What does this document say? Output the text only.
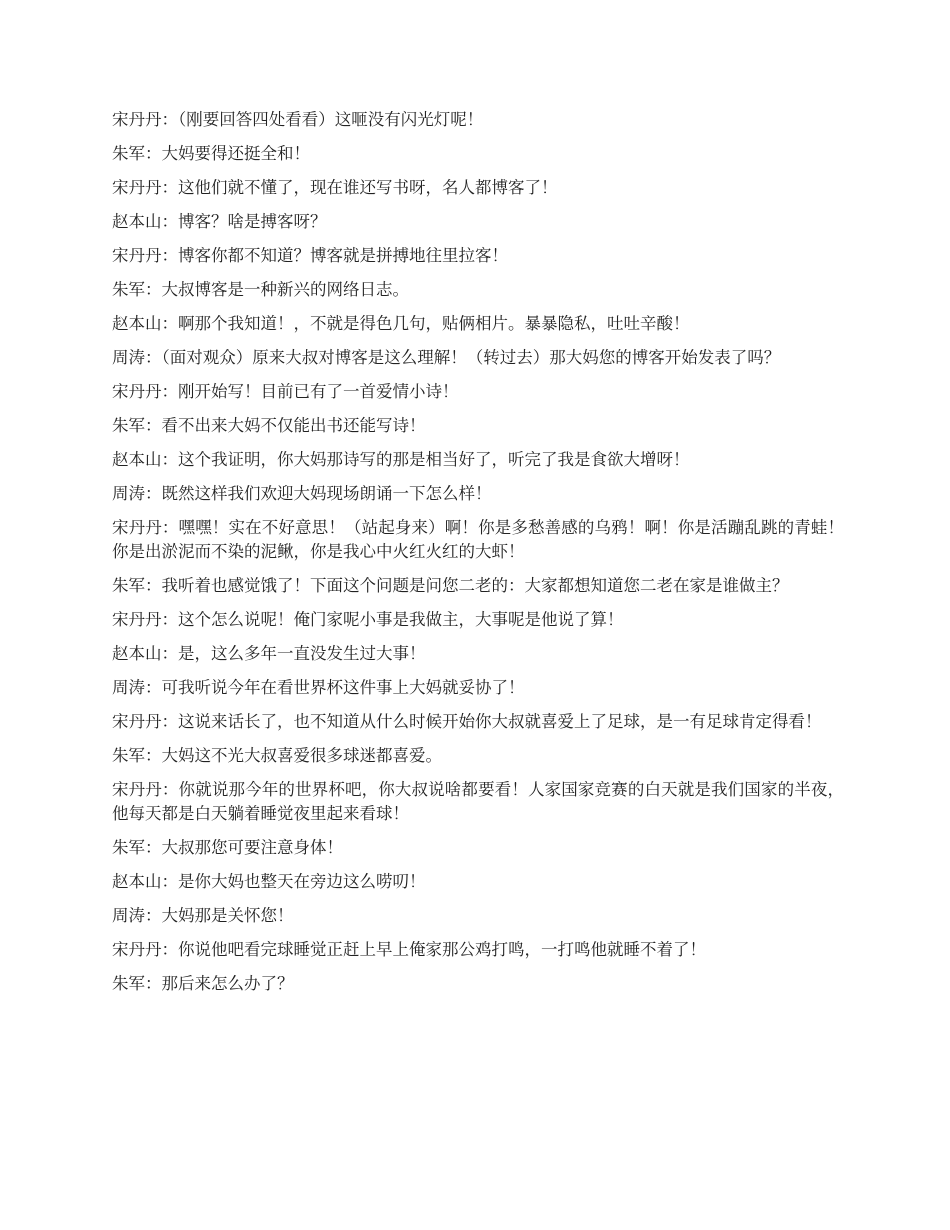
宋丹丹：（刚要回答四处看看）这咂没有闪光灯呢！

朱军：大妈要得还挺全和！

宋丹丹：这他们就不懂了，现在谁还写书呀，名人都博客了！

赵本山：博客？啥是搏客呀？

宋丹丹：博客你都不知道？博客就是拼搏地往里拉客！

朱军：大叔博客是一种新兴的网络日志。

赵本山：啊那个我知道！，不就是得色几句，贴俩相片。暴暴隐私，吐吐辛酸！

周涛：（面对观众）原来大叔对博客是这么理解！（转过去）那大妈您的博客开始发表了吗？

宋丹丹：刚开始写！目前已有了一首爱情小诗！

朱军：看不出来大妈不仅能出书还能写诗！

赵本山：这个我证明，你大妈那诗写的那是相当好了，听完了我是食欲大增呀！

周涛：既然这样我们欢迎大妈现场朗诵一下怎么样！

宋丹丹：嘿嘿！实在不好意思！（站起身来）啊！你是多愁善感的乌鸦！啊！你是活蹦乱跳的青蛙！你是出淤泥而不染的泥鳅，你是我心中火红火红的大虾！

朱军：我听着也感觉饿了！下面这个问题是问您二老的：大家都想知道您二老在家是谁做主？

宋丹丹：这个怎么说呢！俺门家呢小事是我做主，大事呢是他说了算！

赵本山：是，这么多年一直没发生过大事！

周涛：可我听说今年在看世界杯这件事上大妈就妥协了！

宋丹丹：这说来话长了，也不知道从什么时候开始你大叔就喜爱上了足球，是一有足球肯定得看！

朱军：大妈这不光大叔喜爱很多球迷都喜爱。

宋丹丹：你就说那今年的世界杯吧，你大叔说啥都要看！人家国家竞赛的白天就是我们国家的半夜，他每天都是白天躺着睡觉夜里起来看球！

朱军：大叔那您可要注意身体！

赵本山：是你大妈也整天在旁边这么唠叨！

周涛：大妈那是关怀您！

宋丹丹：你说他吧看完球睡觉正赶上早上俺家那公鸡打鸣，一打鸣他就睡不着了！

朱军：那后来怎么办了？
